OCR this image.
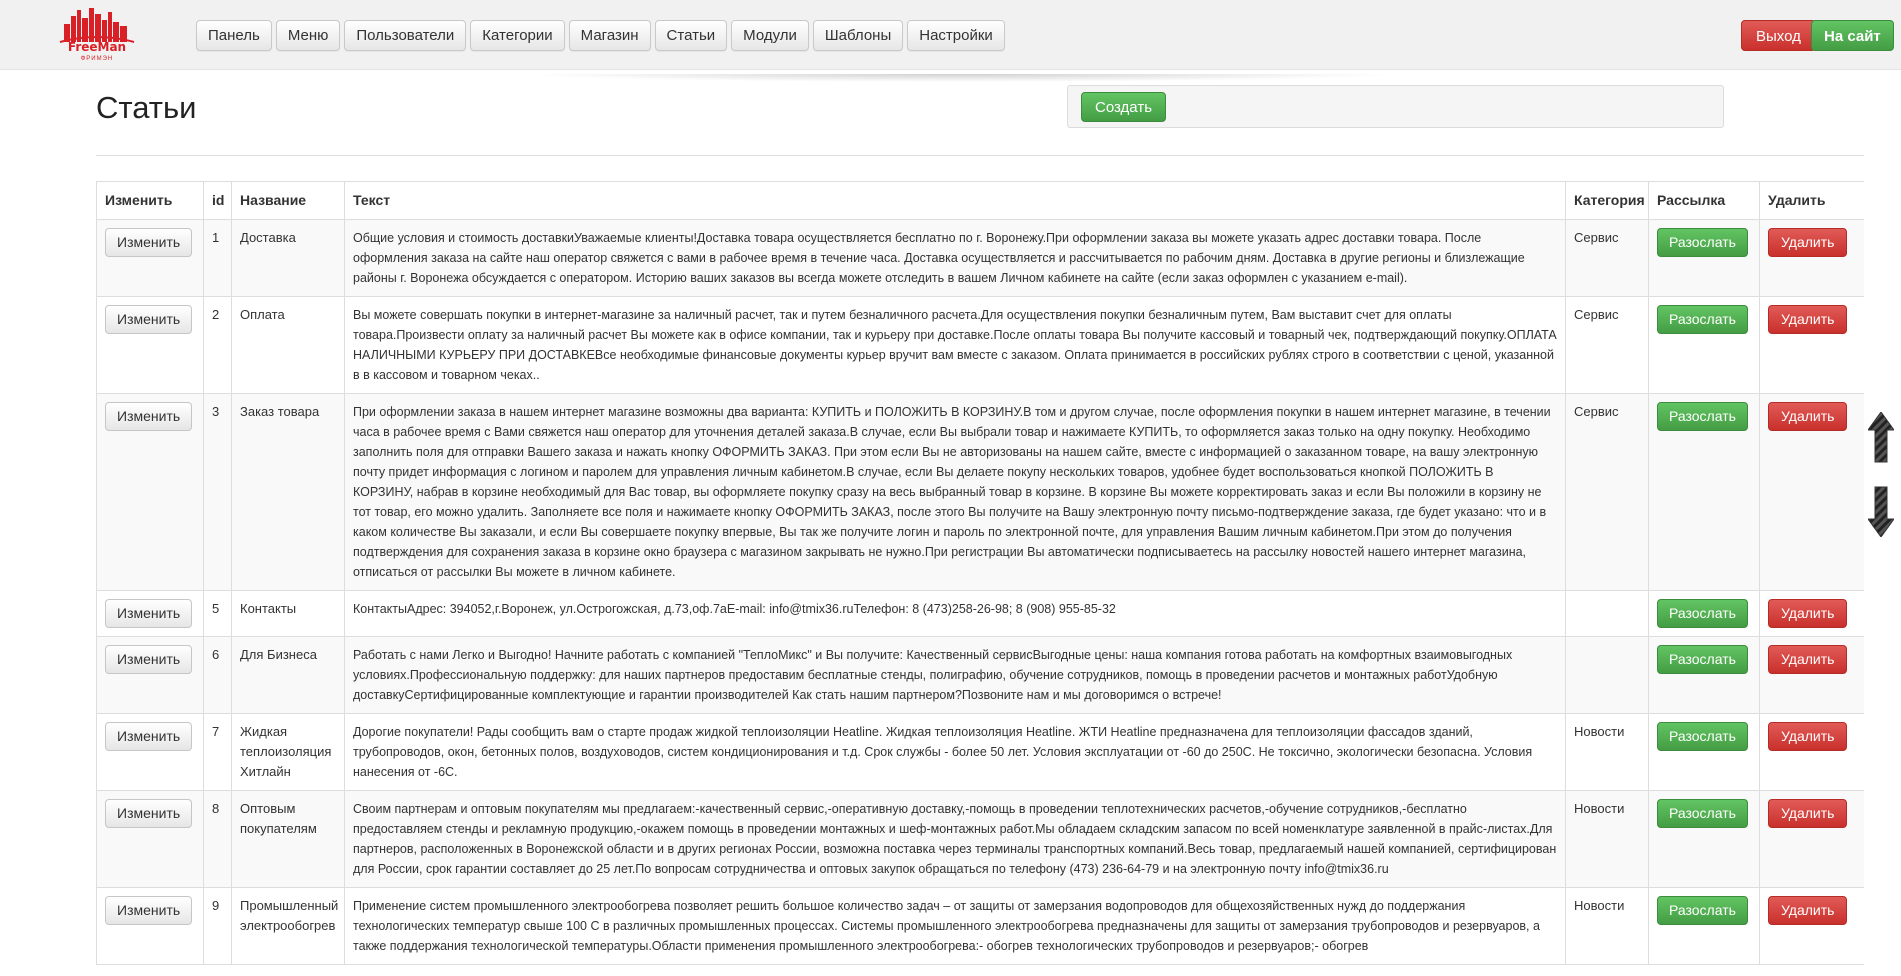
FreeMan
ФРИМЭН
Панель	Меню	Пользователи	Категории	Магазин	Статьи	Модули	Шаблоны	Настройки	Выход	На сайт
Статьи	Создать
Изменить	id	Название	Текст	Категория	Рассылка	Удалить
Изменить	1	Доставка	Общие условия и стоимость доставкиУважаемые клиенты!Доставка товара осуществляется бесплатно по г. Воронежу.При оформлении заказа вы можете указать адрес доставки товара. После оформления заказа на сайте наш оператор свяжется с вами в рабочее время в течение часа. Доставка осуществляется и рассчитывается по рабочим дням. Доставка в другие регионы и близлежащие районы г. Воронежа обсуждается с оператором. Историю ваших заказов вы всегда можете отследить в вашем Личном кабинете на сайте (если заказ оформлен с указанием e-mail).	Сервис	Разослать	Удалить
Изменить	2	Оплата	Вы можете совершать покупки в интернет-магазине за наличный расчет, так и путем безналичного расчета.Для осуществления покупки безналичным путем, Вам выставит счет для оплаты товара.Произвести оплату за наличный расчет Вы можете как в офисе компании, так и курьеру при доставке.После оплаты товара Вы получите кассовый и товарный чек, подтверждающий покупку.ОПЛАТА НАЛИЧНЫМИ КУРЬЕРУ ПРИ ДОСТАВКЕВсе необходимые финансовые документы курьер вручит вам вместе с заказом. Оплата принимается в российских рублях строго в соответствии с ценой, указанной в в кассовом и товарном чеках..	Сервис	Разослать	Удалить
Изменить	3	Заказ товара	При оформлении заказа в нашем интернет магазине возможны два варианта: КУПИТЬ и ПОЛОЖИТЬ В КОРЗИНУ.В том и другом случае, после оформления покупки в нашем интернет магазине, в течении часа в рабочее время с Вами свяжется наш оператор для уточнения деталей заказа.В случае, если Вы выбрали товар и нажимаете КУПИТЬ, то оформляется заказ только на одну покупку. Необходимо заполнить поля для отправки Вашего заказа и нажать кнопку ОФОРМИТЬ ЗАКАЗ. При этом если Вы не авторизованы на нашем сайте, вместе с информацией о заказанном товаре, на вашу электронную почту придет информация с логином и паролем для управления личным кабинетом.В случае, если Вы делаете покупу нескольких товаров, удобнее будет воспользоваться кнопкой ПОЛОЖИТЬ В КОРЗИНУ, набрав в корзине необходимый для Вас товар, вы оформляете покупку сразу на весь выбранный товар в корзине. В корзине Вы можете корректировать заказ и если Вы положили в корзину не тот товар, его можно удалить. Заполняете все поля и нажимаете кнопку ОФОРМИТЬ ЗАКАЗ, после этого Вы получите на Вашу электронную почту письмо-подтверждение заказа, где будет указано: что и в каком количестве Вы заказали, и если Вы совершаете покупку впервые, Вы так же получите логин и пароль по электронной почте, для управления Вашим личным кабинетом.При этом до получения подтверждения для сохранения заказа в корзине окно браузера с магазином закрывать не нужно.При регистрации Вы автоматически подписываетесь на рассылку новостей нашего интернет магазина, отписаться от рассылки Вы можете в личном кабинете.	Сервис	Разослать	Удалить
Изменить	5	Контакты	КонтактыАдрес: 394052,г.Воронеж, ул.Острогожская, д.73,оф.7aE-mail: info@tmix36.ruТелефон: 8 (473)258-26-98; 8 (908) 955-85-32		Разослать	Удалить
Изменить	6	Для Бизнеса	Работать с нами Легко и Выгодно! Начните работать с компанией "ТеплоМикс" и Вы получите: Качественный сервисВыгодные цены: наша компания готова работать на комфортных взаимовыгодных условиях.Профессиональную поддержку: для наших партнеров предоставим бесплатные стенды, полиграфию, обучение сотрудников, помощь в проведении расчетов и монтажных работУдобную доставкуСертифицированные комплектующие и гарантии производителей Как стать нашим партнером?Позвоните нам и мы договоримся о встрече!		Разослать	Удалить
Изменить	7	Жидкая теплоизоляция Хитлайн	Дорогие покупатели! Рады сообщить вам о старте продаж жидкой теплоизоляции Heatline. Жидкая теплоизоляция Heatline. ЖТИ Heatline предназначена для теплоизоляции фассадов зданий, трубопроводов, окон, бетонных полов, воздуховодов, систем кондиционирования и т.д. Срок службы - более 50 лет. Условия эксплуатации от -60 до 250С. Не токсично, экологически безопасна. Условия нанесения от -6С.	Новости	Разослать	Удалить
Изменить	8	Оптовым покупателям	Своим партнерам и оптовым покупателям мы предлагаем:-качественный сервис,-оперативную доставку,-помощь в проведении теплотехнических расчетов,-обучение сотрудников,-бесплатно предоставляем стенды и рекламную продукцию,-окажем помощь в проведении монтажных и шеф-монтажных работ.Мы обладаем складским запасом по всей номенклатуре заявленной в прайс-листах.Для партнеров, расположенных в Воронежской области и в других регионах России, возможна поставка через терминалы транспортных компаний.Весь товар, предлагаемый нашей компанией, сертифицирован для России, срок гарантии составляет до 25 лет.По вопросам сотрудничества и оптовых закупок обращаться по телефону (473) 236-64-79 и на электронную почту info@tmix36.ru	Новости	Разослать	Удалить
Изменить	9	Промышленный электрообогрев	Применение систем промышленного электрообогрева позволяет решить большое количество задач – от защиты от замерзания водопроводов для общехозяйственных нужд до поддержания технологических температур свыше 100 С в различных промышленных процессах. Системы промышленного электрообогрева предназначены для защиты от замерзания трубопроводов и резервуаров, а также поддержания технологической температуры.Области применения промышленного электрообогрева:- обогрев технологических трубопроводов и резервуаров;- обогрев	Новости	Разослать	Удалить
